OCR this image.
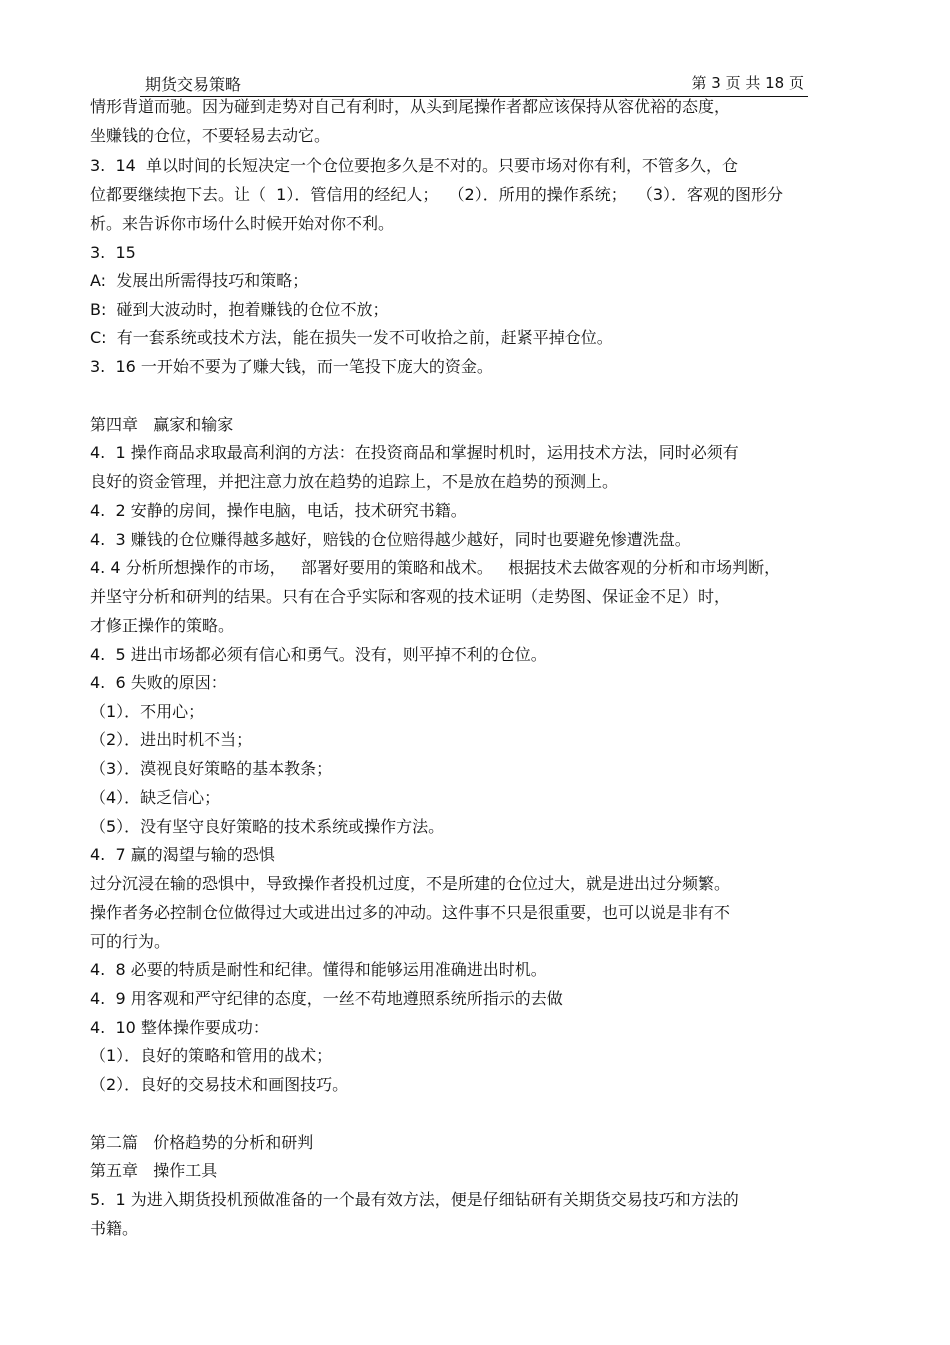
期货交易策略	第 3 页 共 18 页
情形背道而驰。因为碰到走势对自己有利时，从头到尾操作者都应该保持从容优裕的态度，
坐赚钱的仓位，不要轻易去动它。
3.  14  单以时间的长短决定一个仓位要抱多久是不对的。只要市场对你有利，不管多久，仓
位都要继续抱下去。让（  1）．管信用的经纪人；  （2）．所用的操作系统；  （3）．客观的图形分
析。来告诉你市场什么时候开始对你不利。
3.  15
A:  发展出所需得技巧和策略；
B:  碰到大波动时，抱着赚钱的仓位不放；
C:  有一套系统或技术方法，能在损失一发不可收拾之前，赶紧平掉仓位。
3.  16 一开始不要为了赚大钱，而一笔投下庞大的资金。
第四章   赢家和输家
4.  1 操作商品求取最高利润的方法：在投资商品和掌握时机时，运用技术方法，同时必须有
良好的资金管理，并把注意力放在趋势的追踪上，不是放在趋势的预测上。
4.  2 安静的房间，操作电脑，电话，技术研究书籍。
4.  3 赚钱的仓位赚得越多越好，赔钱的仓位赔得越少越好，同时也要避免惨遭洗盘。
4. 4 分析所想操作的市场，   部署好要用的策略和战术。   根据技术去做客观的分析和市场判断，
并坚守分析和研判的结果。只有在合乎实际和客观的技术证明（走势图、保证金不足）时，
才修正操作的策略。
4.  5 进出市场都必须有信心和勇气。没有，则平掉不利的仓位。
4.  6 失败的原因：
（1）．不用心；
（2）．进出时机不当；
（3）．漠视良好策略的基本教条；
（4）．缺乏信心；
（5）．没有坚守良好策略的技术系统或操作方法。
4.  7 赢的渴望与输的恐惧
过分沉浸在输的恐惧中，导致操作者投机过度，不是所建的仓位过大，就是进出过分频繁。
操作者务必控制仓位做得过大或进出过多的冲动。这件事不只是很重要，也可以说是非有不
可的行为。
4.  8 必要的特质是耐性和纪律。懂得和能够运用准确进出时机。
4.  9 用客观和严守纪律的态度，一丝不苟地遵照系统所指示的去做
4.  10 整体操作要成功：
（1）．良好的策略和管用的战术；
（2）．良好的交易技术和画图技巧。
第二篇   价格趋势的分析和研判
第五章   操作工具
5.  1 为进入期货投机预做准备的一个最有效方法，便是仔细钻研有关期货交易技巧和方法的
书籍。
